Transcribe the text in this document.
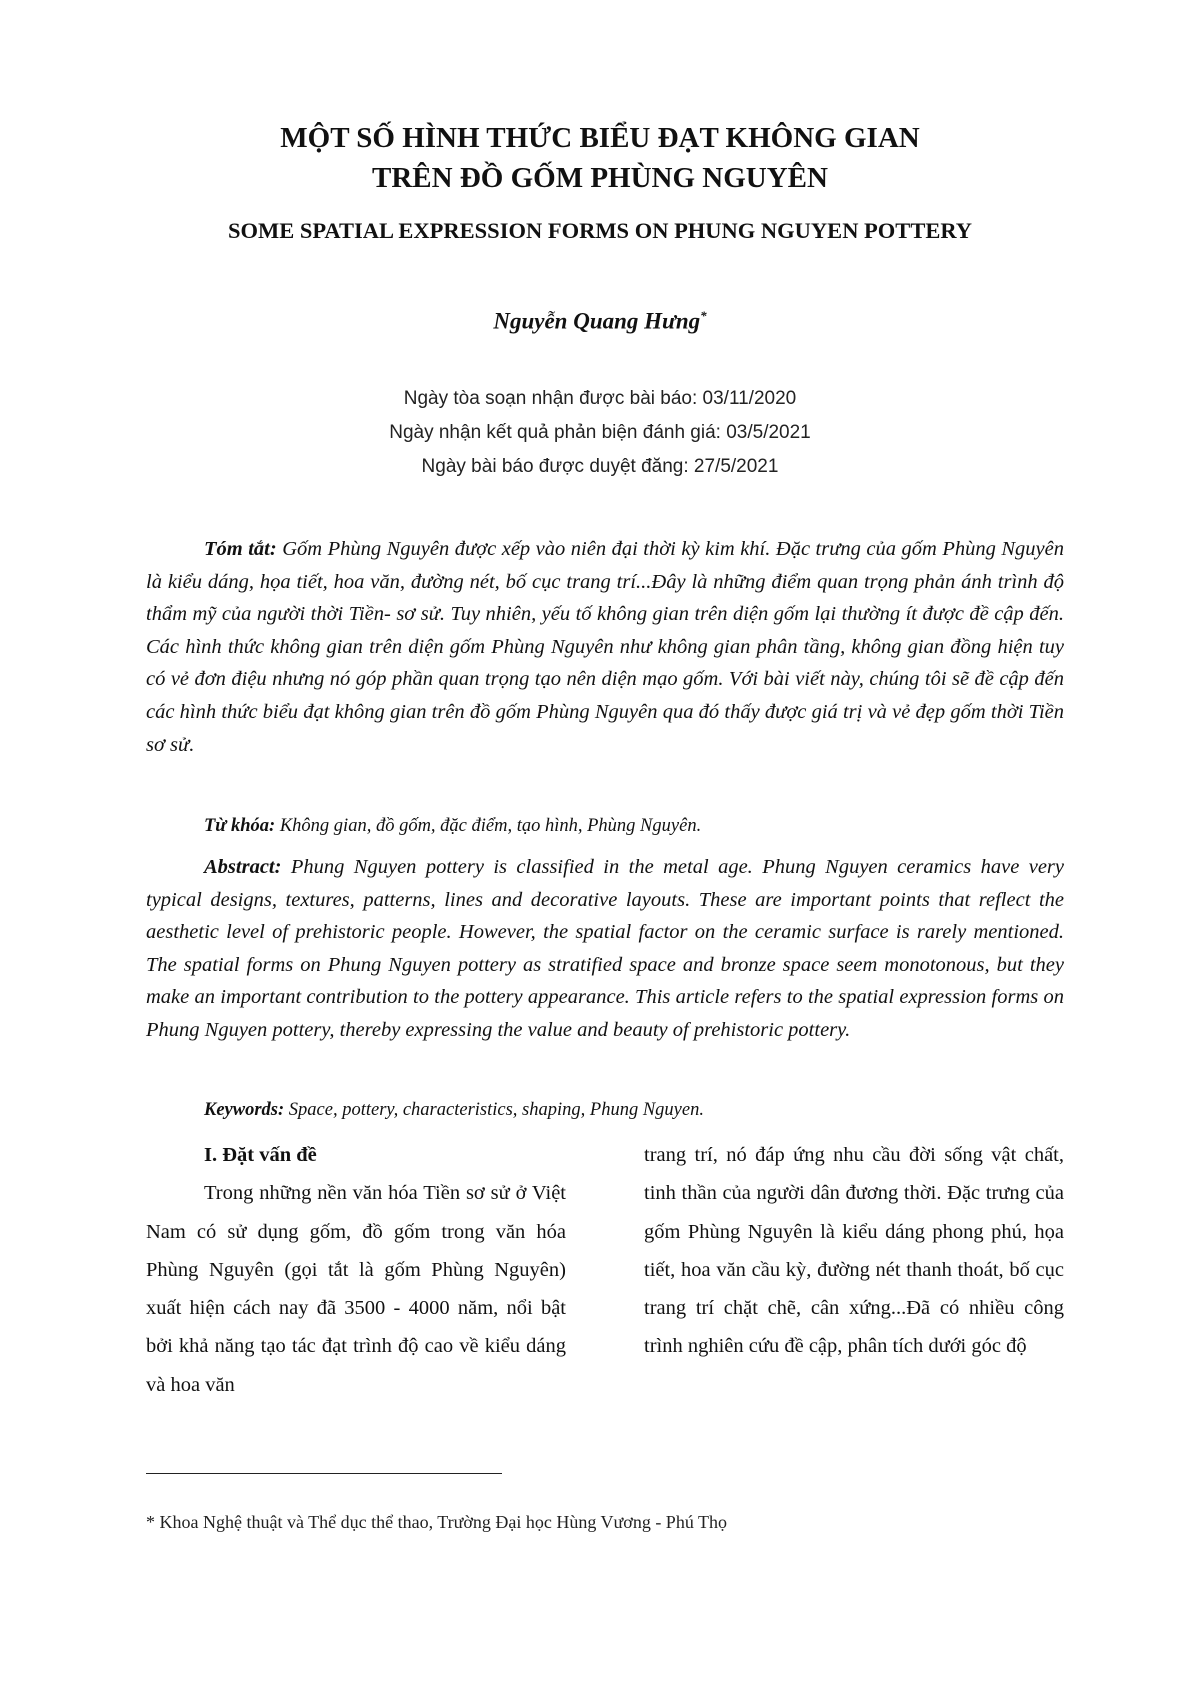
MỘT SỐ HÌNH THỨC BIỂU ĐẠT KHÔNG GIAN
TRÊN ĐỒ GỐM PHÙNG NGUYÊN
SOME SPATIAL EXPRESSION FORMS ON PHUNG NGUYEN POTTERY
Nguyễn Quang Hưng*
Ngày tòa soạn nhận được bài báo: 03/11/2020
Ngày nhận kết quả phản biện đánh giá: 03/5/2021
Ngày bài báo được duyệt đăng: 27/5/2021

Tóm tắt: Gốm Phùng Nguyên được xếp vào niên đại thời kỳ kim khí. Đặc trưng của gốm Phùng Nguyên là kiểu dáng, họa tiết, hoa văn, đường nét, bố cục trang trí...Đây là những điểm quan trọng phản ánh trình độ thẩm mỹ của người thời Tiền- sơ sử. Tuy nhiên, yếu tố không gian trên diện gốm lại thường ít được đề cập đến. Các hình thức không gian trên diện gốm Phùng Nguyên như không gian phân tầng, không gian đồng hiện tuy có vẻ đơn điệu nhưng nó góp phần quan trọng tạo nên diện mạo gốm. Với bài viết này, chúng tôi sẽ đề cập đến các hình thức biểu đạt không gian trên đồ gốm Phùng Nguyên qua đó thấy được giá trị và vẻ đẹp gốm thời Tiền sơ sử.

Từ khóa: Không gian, đồ gốm, đặc điểm, tạo hình, Phùng Nguyên.

Abstract: Phung Nguyen pottery is classified in the metal age. Phung Nguyen ceramics have very typical designs, textures, patterns, lines and decorative layouts. These are important points that reflect the aesthetic level of prehistoric people. However, the spatial factor on the ceramic surface is rarely mentioned. The spatial forms on Phung Nguyen pottery as stratified space and bronze space seem monotonous, but they make an important contribution to the pottery appearance. This article refers to the spatial expression forms on Phung Nguyen pottery, thereby expressing the value and beauty of prehistoric pottery.

Keywords: Space, pottery, characteristics, shaping, Phung Nguyen.

I. Đặt vấn đề

Trong những nền văn hóa Tiền sơ sử ở Việt Nam có sử dụng gốm, đồ gốm trong văn hóa Phùng Nguyên (gọi tắt là gốm Phùng Nguyên) xuất hiện cách nay đã 3500 - 4000 năm, nổi bật bởi khả năng tạo tác đạt trình độ cao về kiểu dáng và hoa văn

trang trí, nó đáp ứng nhu cầu đời sống vật chất, tinh thần của người dân đương thời. Đặc trưng của gốm Phùng Nguyên là kiểu dáng phong phú, họa tiết, hoa văn cầu kỳ, đường nét thanh thoát, bố cục trang trí chặt chẽ, cân xứng...Đã có nhiều công trình nghiên cứu đề cập, phân tích dưới góc độ

* Khoa Nghệ thuật và Thể dục thể thao, Trường Đại học Hùng Vương - Phú Thọ
